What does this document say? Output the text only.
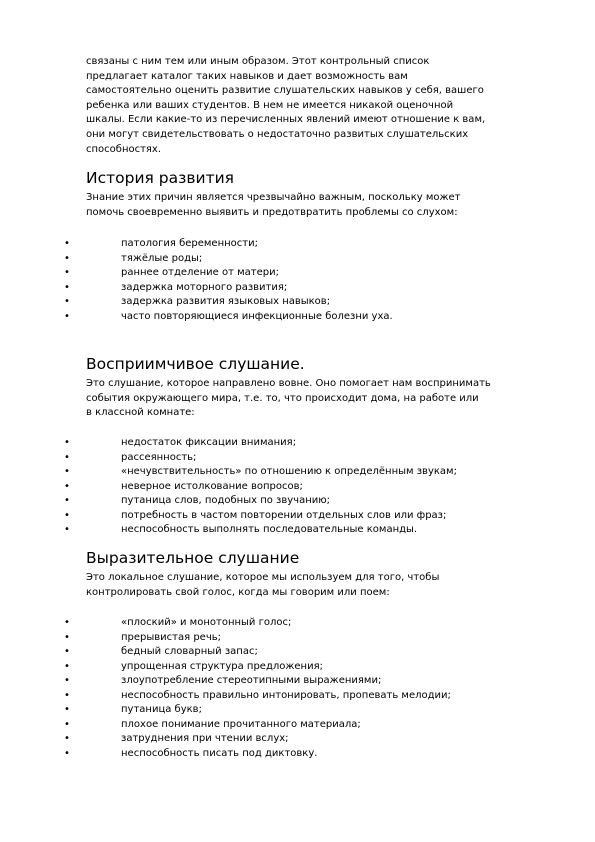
связаны с ним тем или иным образом. Этот контрольный список
предлагает каталог таких навыков и дает возможность вам
самостоятельно оценить развитие слушательских навыков у себя, вашего
ребенка или ваших студентов. В нем не имеется никакой оценочной
шкалы. Если какие-то из перечисленных явлений имеют отношение к вам,
они могут свидетельствовать о недостаточно развитых слушательских
способностях.
История развития
Знание этих причин является чрезвычайно важным, поскольку может
помочь своевременно выявить и предотвратить проблемы со слухом:
•	патология беременности;
•	тяжёлые роды;
•	раннее отделение от матери;
•	задержка моторного развития;
•	задержка развития языковых навыков;
•	часто повторяющиеся инфекционные болезни уха.
Восприимчивое слушание.
Это слушание, которое направлено вовне. Оно помогает нам воспринимать
события окружающего мира, т.е. то, что происходит дома, на работе или
в классной комнате:
•	недостаток фиксации внимания;
•	рассеянность;
•	«нечувствительность» по отношению к определённым звукам;
•	неверное истолкование вопросов;
•	путаница слов, подобных по звучанию;
•	потребность в частом повторении отдельных слов или фраз;
•	неспособность выполнять последовательные команды.
Выразительное слушание
Это локальное слушание, которое мы используем для того, чтобы
контролировать свой голос, когда мы говорим или поем:
•	«плоский» и монотонный голос;
•	прерывистая речь;
•	бедный словарный запас;
•	упрощенная структура предложения;
•	злоупотребление стереотипными выражениями;
•	неспособность правильно интонировать, пропевать мелодии;
•	путаница букв;
•	плохое понимание прочитанного материала;
•	затруднения при чтении вслух;
•	неспособность писать под диктовку.
